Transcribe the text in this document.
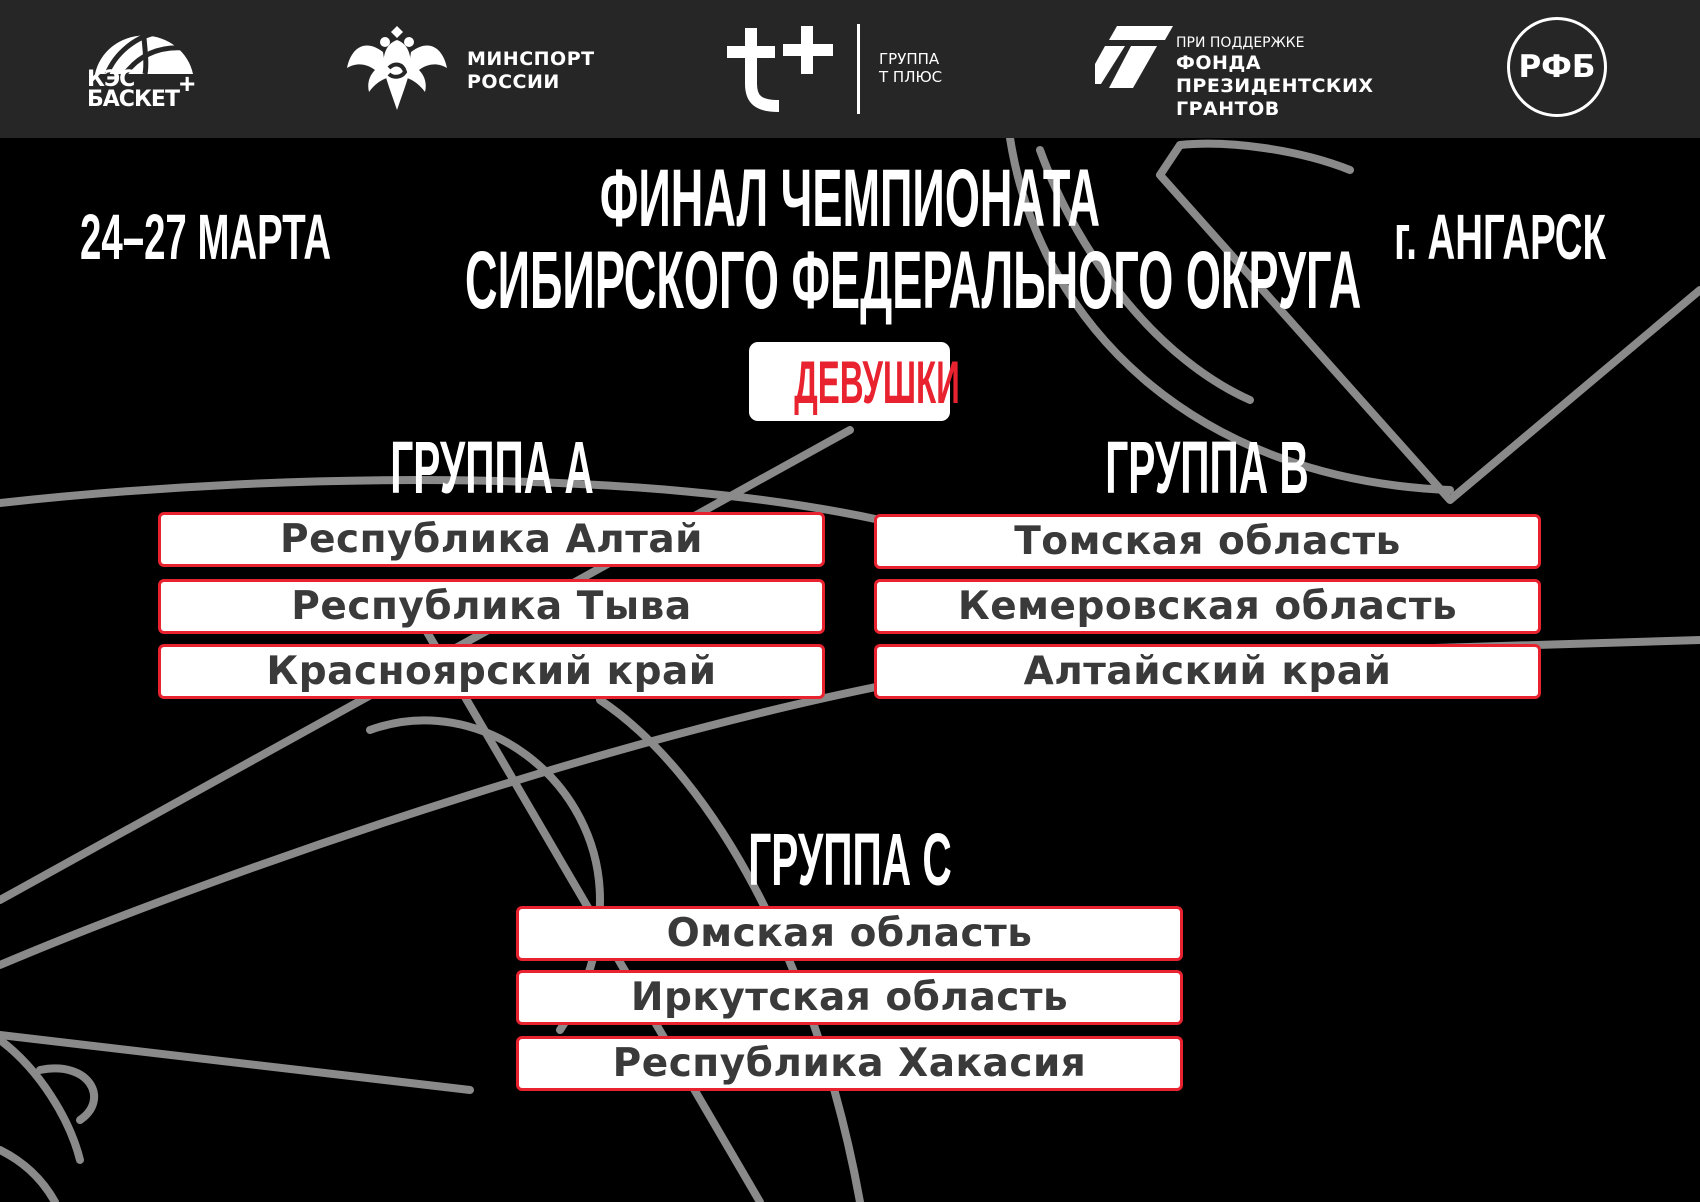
КЭС
БАСКЕТ
+
МИНСПОРТ
РОССИИ
ГРУППА
Т ПЛЮС
ПРИ ПОДДЕРЖКЕ
ФОНДА
ПРЕЗИДЕНТСКИХ
ГРАНТОВ
РФБ
24–27 МАРТА	г. АНГАРСК
ФИНАЛ ЧЕМПИОНАТА
СИБИРСКОГО ФЕДЕРАЛЬНОГО ОКРУГА
ДЕВУШКИ
ГРУППА А
Республика Алтай
Республика Тыва
Красноярский край
ГРУППА В
Томская область
Кемеровская область
Алтайский край
ГРУППА С
Омская область
Иркутская область
Республика Хакасия
